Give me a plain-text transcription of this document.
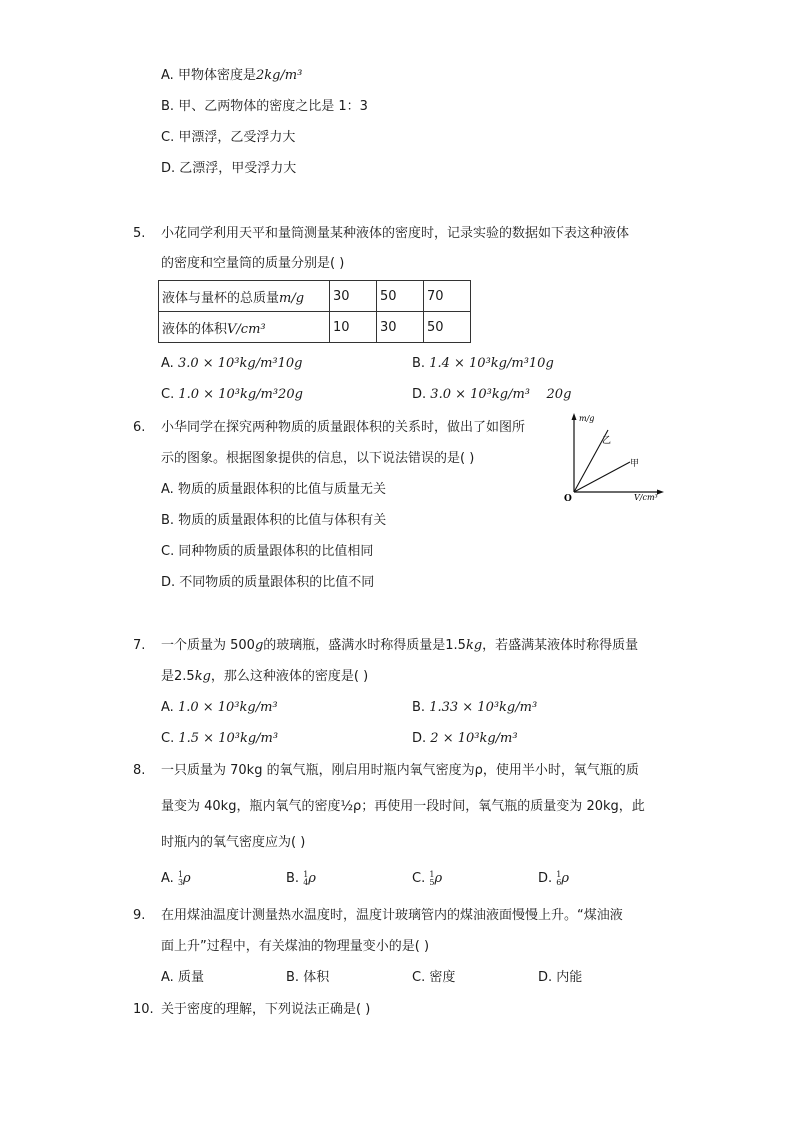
A. 甲物体密度是2kg/m³
B. 甲、乙两物体的密度之比是 1：3
C. 甲漂浮，乙受浮力大
D. 乙漂浮，甲受浮力大
5. 小花同学利用天平和量筒测量某种液体的密度时，记录实验的数据如下表这种液体
的密度和空量筒的质量分别是( )
液体与量杯的总质量m/g	30	50	70
液体的体积V/cm³	10	30	50
A. 3.0 × 10³kg/m³10g	B. 1.4 × 10³kg/m³10g
C. 1.0 × 10³kg/m³20g	D. 3.0 × 10³kg/m³    20g
6. 小华同学在探究两种物质的质量跟体积的关系时，做出了如图所
示的图象。根据图象提供的信息，以下说法错误的是( )
A. 物质的质量跟体积的比值与质量无关
B. 物质的质量跟体积的比值与体积有关
C. 同种物质的质量跟体积的比值相同
D. 不同物质的质量跟体积的比值不同
m/g
V/cm³
O
乙
甲
7. 一个质量为 500g的玻璃瓶，盛满水时称得质量是1.5kg，若盛满某液体时称得质量
是2.5kg，那么这种液体的密度是( )
A. 1.0 × 10³kg/m³	B. 1.33 × 10³kg/m³
C. 1.5 × 10³kg/m³	D. 2 × 10³kg/m³
8. 一只质量为 70kg 的氧气瓶，刚启用时瓶内氧气密度为ρ，使用半小时，氧气瓶的质
量变为 40kg，瓶内氧气的密度½ρ；再使用一段时间，氧气瓶的质量变为 20kg，此
时瓶内的氧气密度应为( )
A. 1
3 ρ	B. 1
4 ρ	C. 1
5 ρ	D. 1
6 ρ
9. 在用煤油温度计测量热水温度时，温度计玻璃管内的煤油液面慢慢上升。“煤油液
面上升”过程中，有关煤油的物理量变小的是( )
A. 质量	B. 体积	C. 密度	D. 内能
10. 关于密度的理解，下列说法正确是( )
